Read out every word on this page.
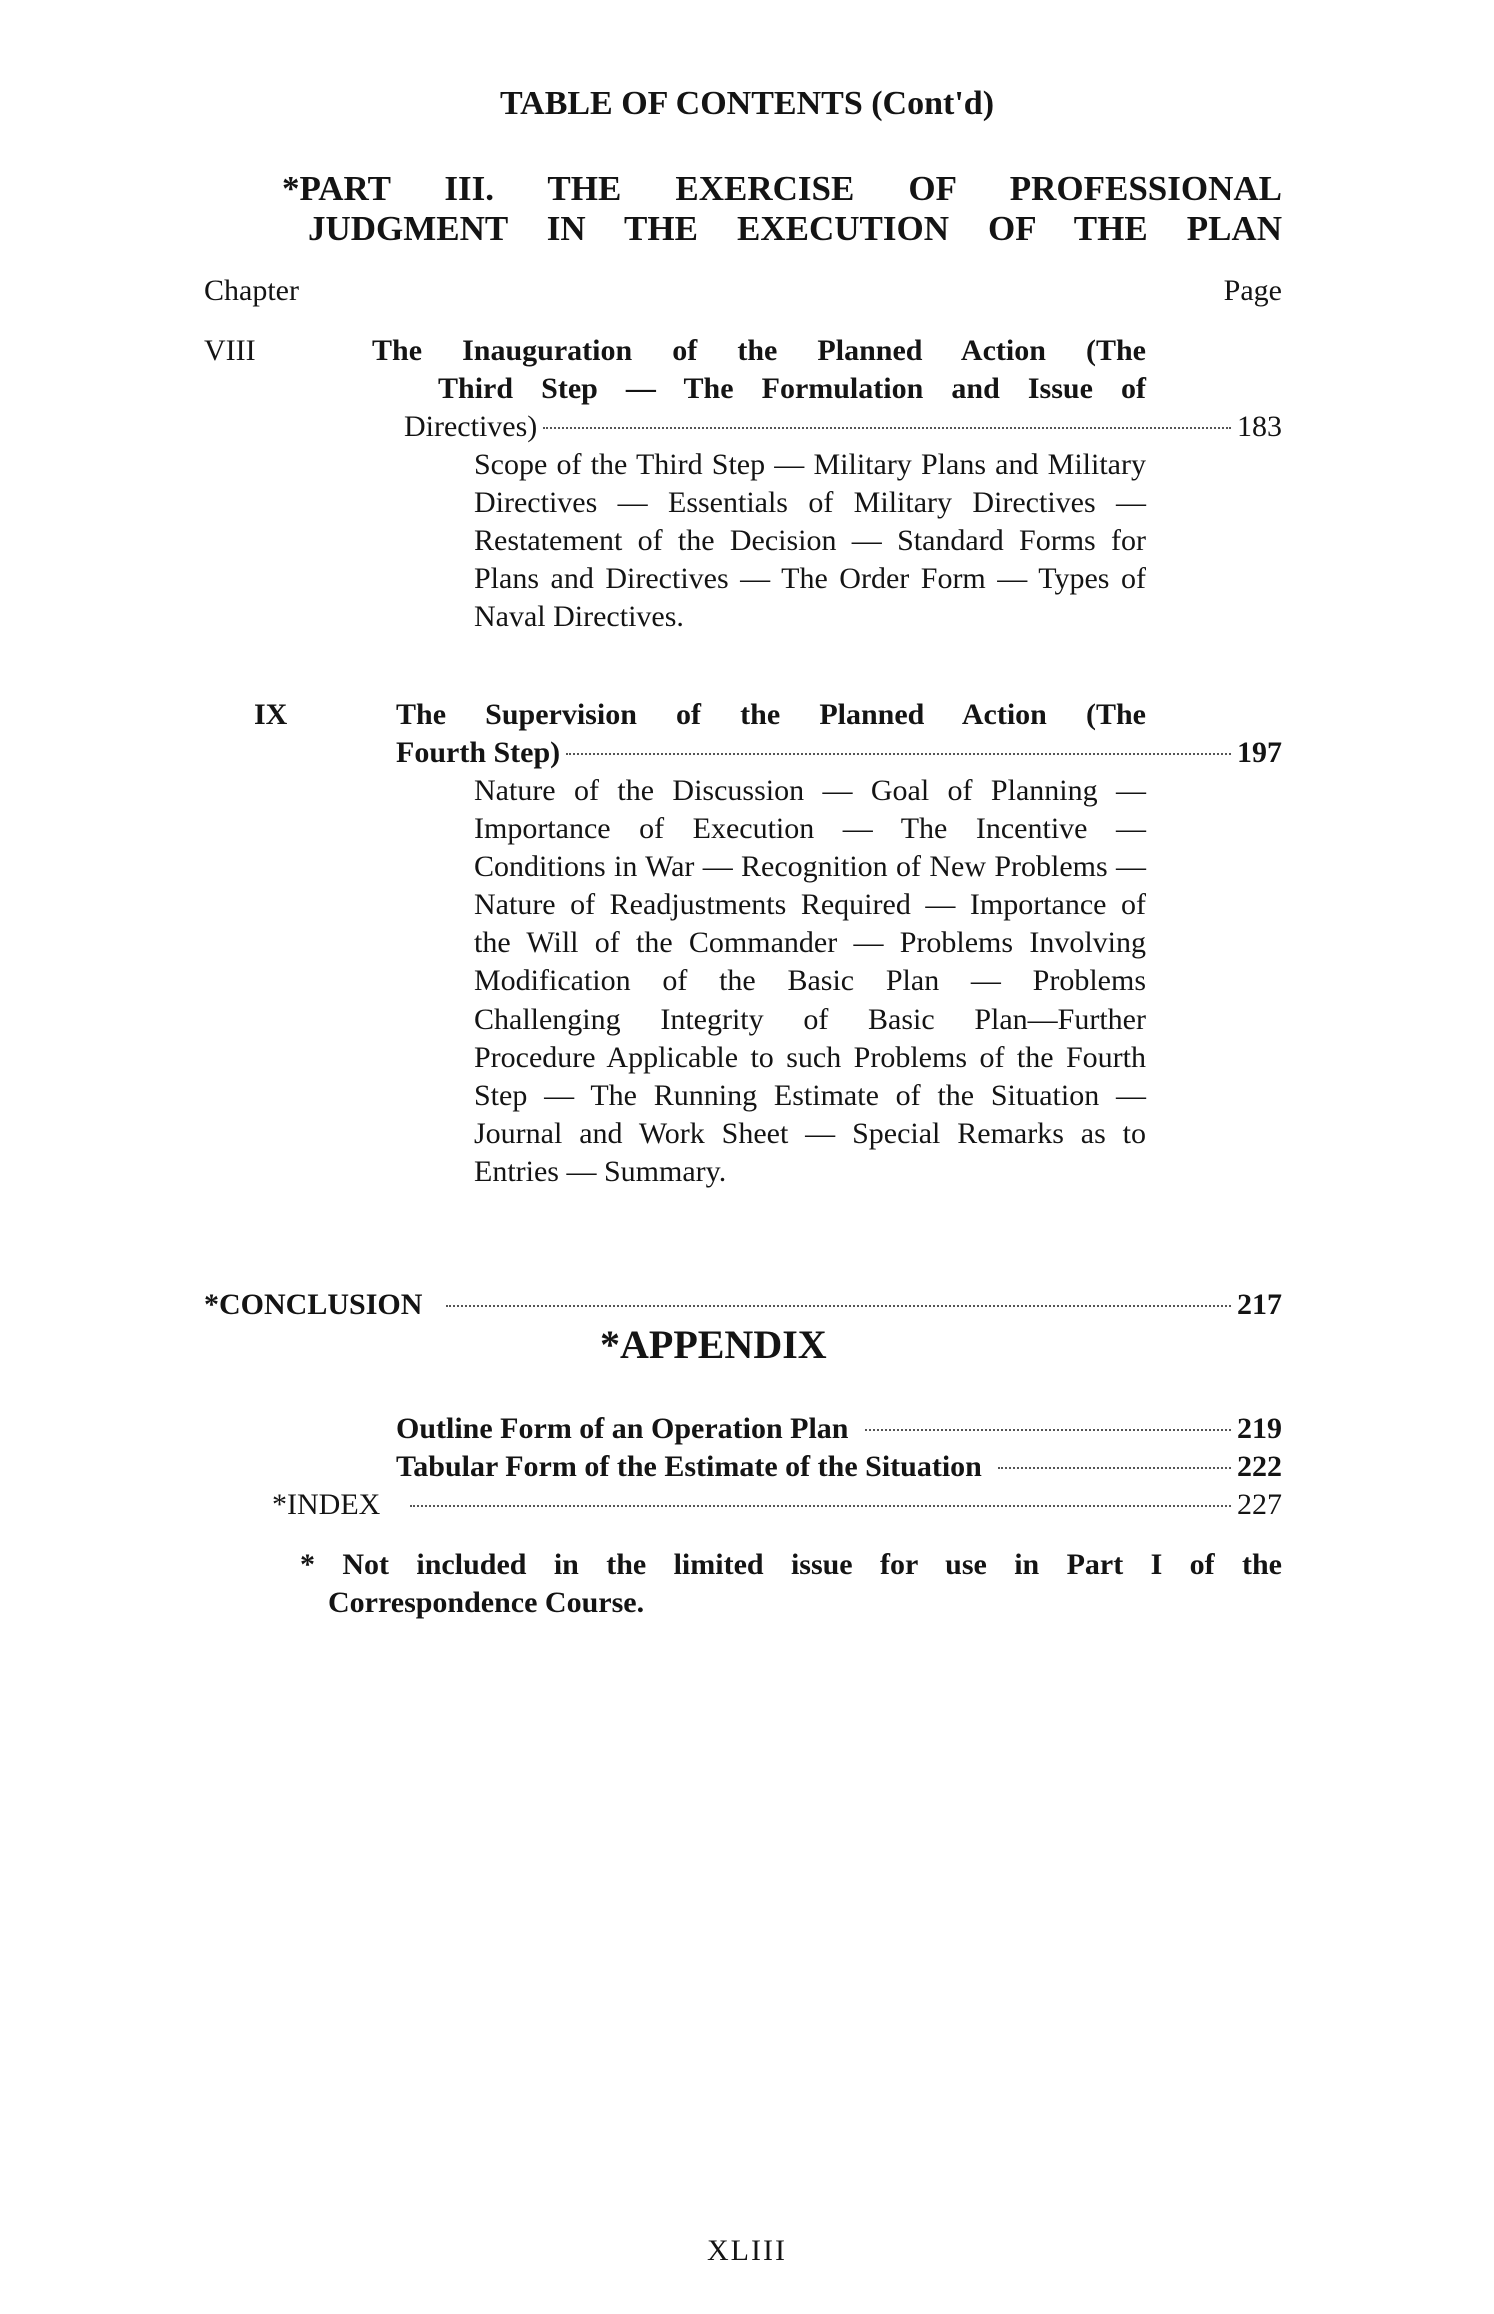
TABLE OF CONTENTS (Cont'd)
*PART III. THE EXERCISE OF PROFESSIONAL
JUDGMENT IN THE EXECUTION OF THE PLAN
Chapter	Page
VIII	The Inauguration of the Planned Action (The
Third Step — The Formulation and Issue of
Directives)	183
Scope of the Third Step — Military Plans and Military Directives — Essentials of Military Directives — Restatement of the Decision — Standard Forms for Plans and Directives — The Order Form — Types of Naval Directives.
IX	The Supervision of the Planned Action (The
Fourth Step)	197
Nature of the Discussion — Goal of Planning — Importance of Execution — The Incentive — Conditions in War — Recognition of New Problems — Nature of Readjustments Required — Importance of the Will of the Commander — Problems Involving Modification of the Basic Plan — Problems Challenging Integrity of Basic Plan—Further Procedure Applicable to such Problems of the Fourth Step — The Running Estimate of the Situation — Journal and Work Sheet — Special Remarks as to Entries — Summary.
*CONCLUSION	217
*APPENDIX
Outline Form of an Operation Plan	219
Tabular Form of the Estimate of the Situation	222
*INDEX	227
* Not included in the limited issue for use in Part I of the
Correspondence Course.
XLIII
